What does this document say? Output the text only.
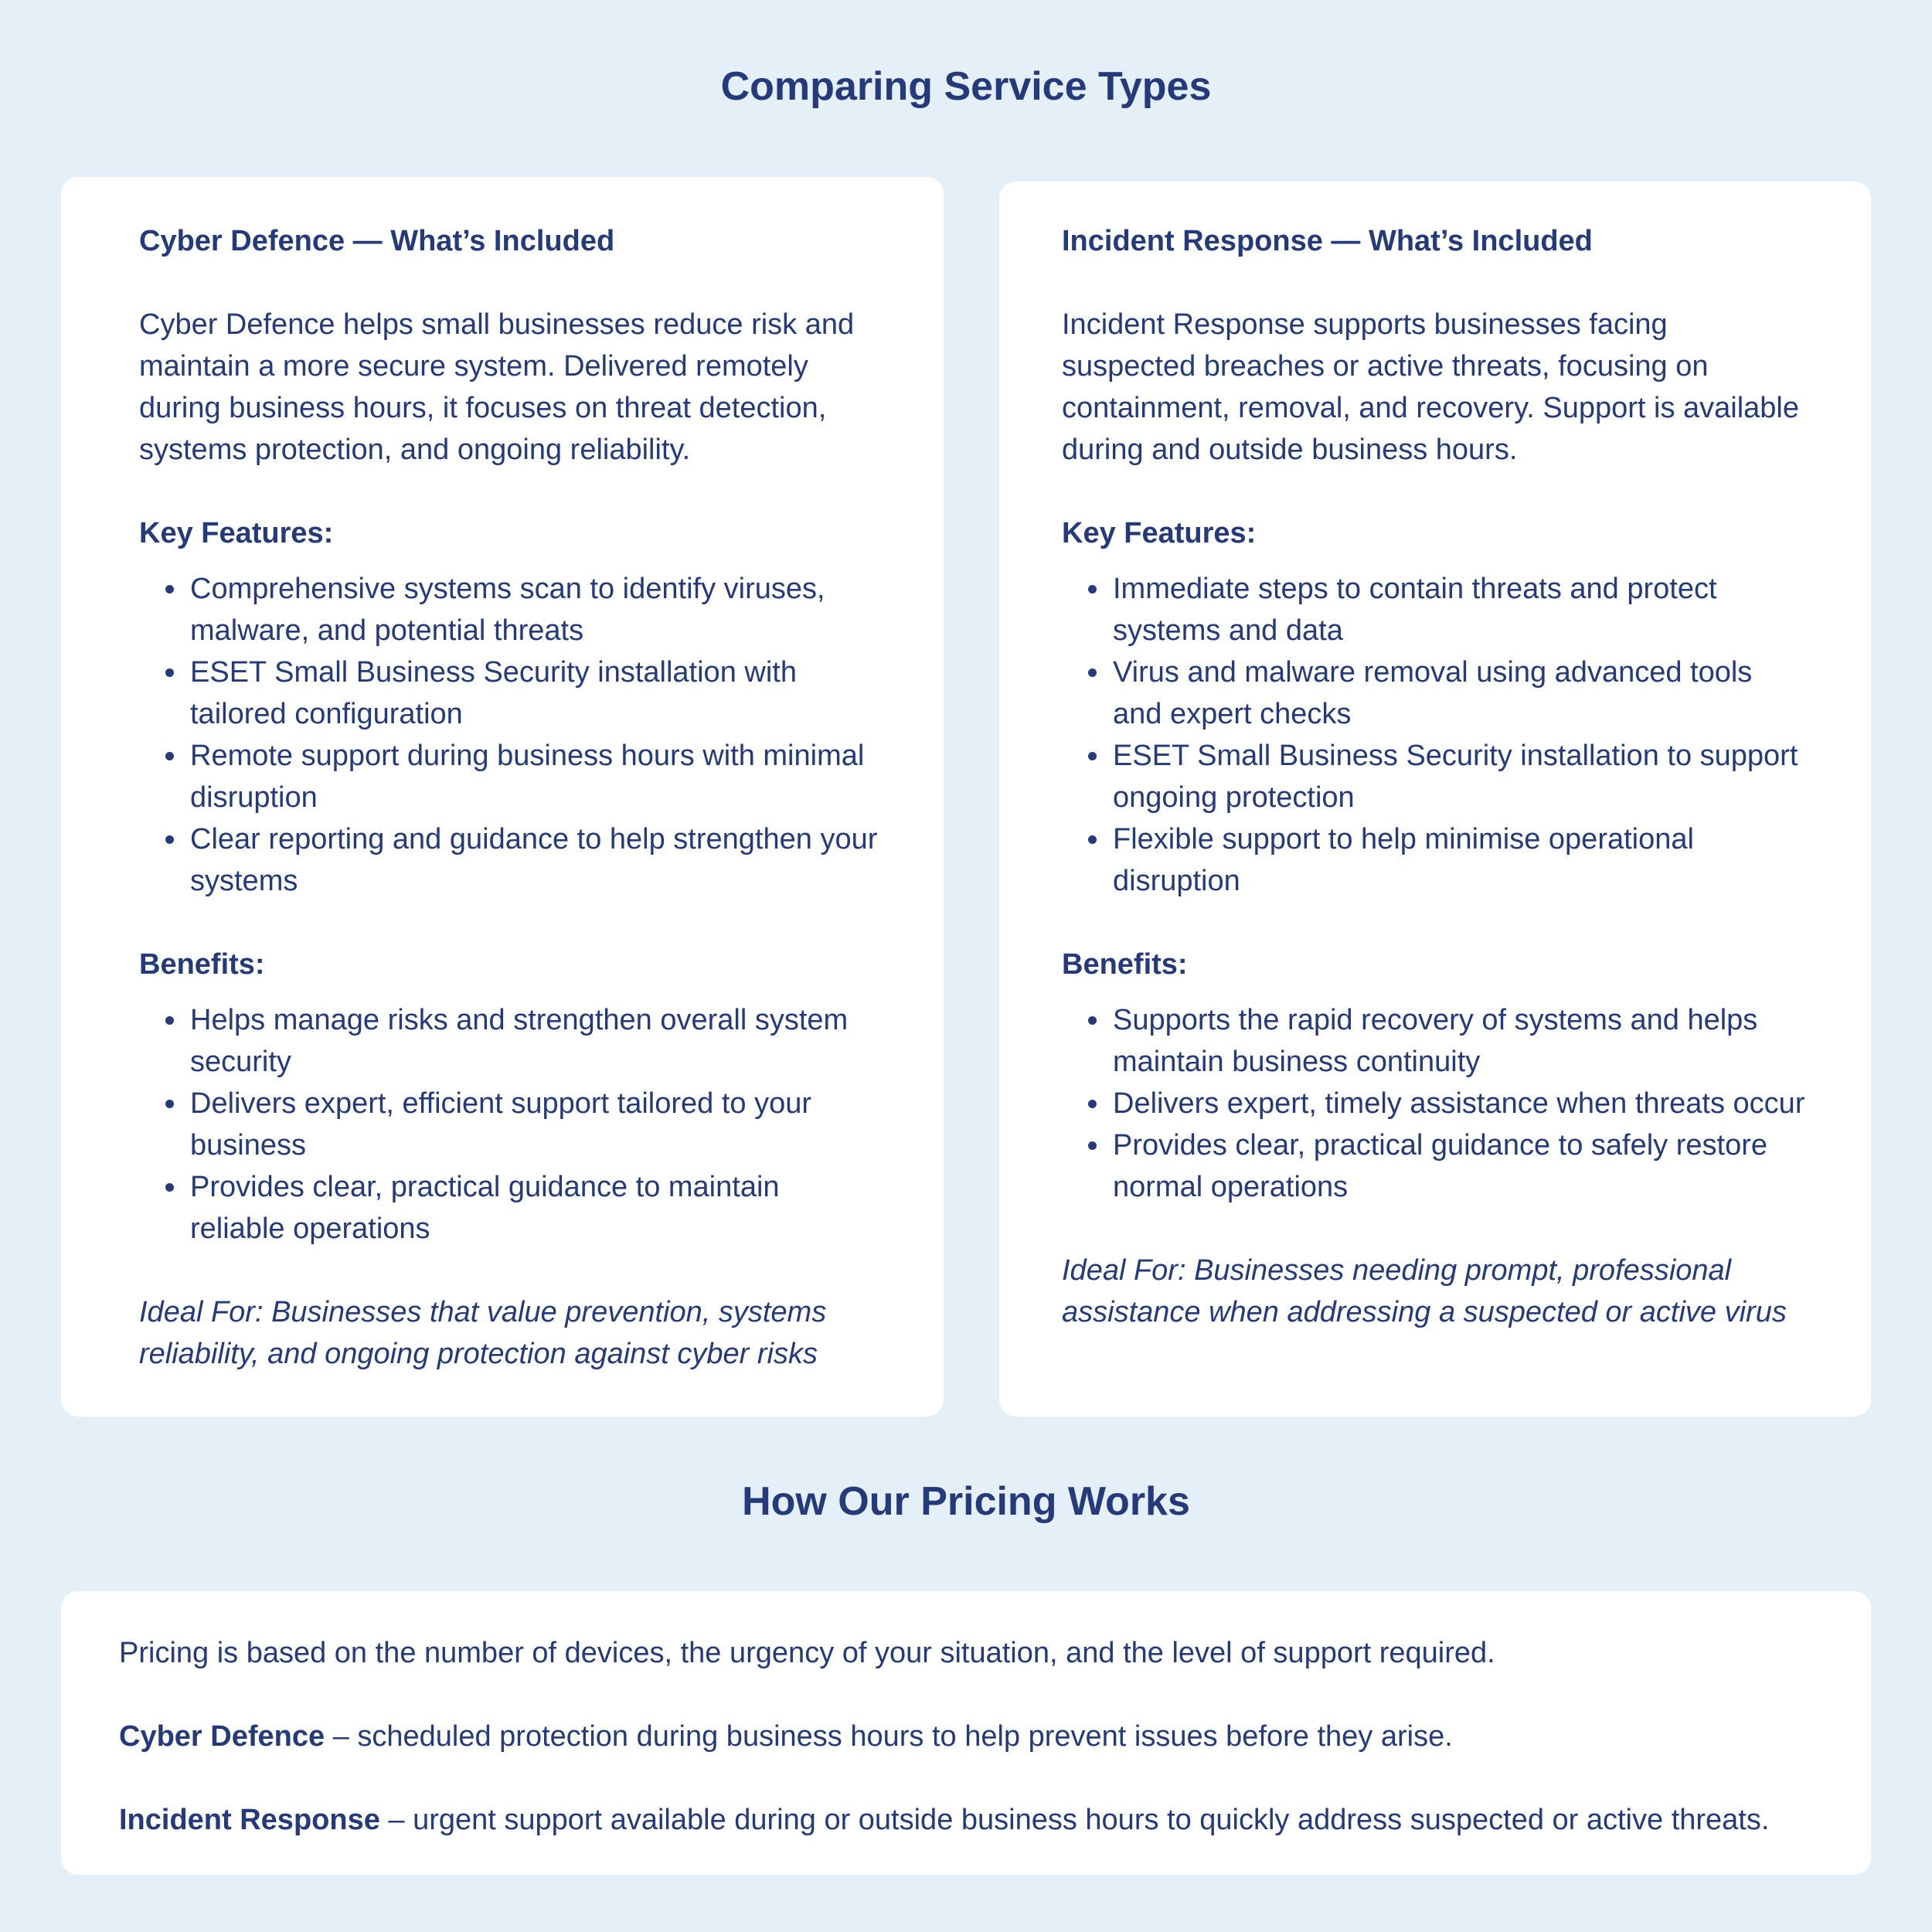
Comparing Service Types

Cyber Defence — What’s Included

Cyber Defence helps small businesses reduce risk and maintain a more secure system. Delivered remotely during business hours, it focuses on threat detection, systems protection, and ongoing reliability.

Key Features:

Comprehensive systems scan to identify viruses, malware, and potential threats
ESET Small Business Security installation with tailored configuration
Remote support during business hours with minimal disruption
Clear reporting and guidance to help strengthen your systems

Benefits:

Helps manage risks and strengthen overall system security
Delivers expert, efficient support tailored to your business
Provides clear, practical guidance to maintain reliable operations

Ideal For: Businesses that value prevention, systems reliability, and ongoing protection against cyber risks

Incident Response — What’s Included

Incident Response supports businesses facing suspected breaches or active threats, focusing on containment, removal, and recovery. Support is available during and outside business hours.

Key Features:

Immediate steps to contain threats and protect systems and data
Virus and malware removal using advanced tools and expert checks
ESET Small Business Security installation to support ongoing protection
Flexible support to help minimise operational disruption

Benefits:

Supports the rapid recovery of systems and helps maintain business continuity
Delivers expert, timely assistance when threats occur
Provides clear, practical guidance to safely restore normal operations

Ideal For: Businesses needing prompt, professional assistance when addressing a suspected or active virus

How Our Pricing Works

Pricing is based on the number of devices, the urgency of your situation, and the level of support required.

Cyber Defence – scheduled protection during business hours to help prevent issues before they arise.

Incident Response – urgent support available during or outside business hours to quickly address suspected or active threats.
